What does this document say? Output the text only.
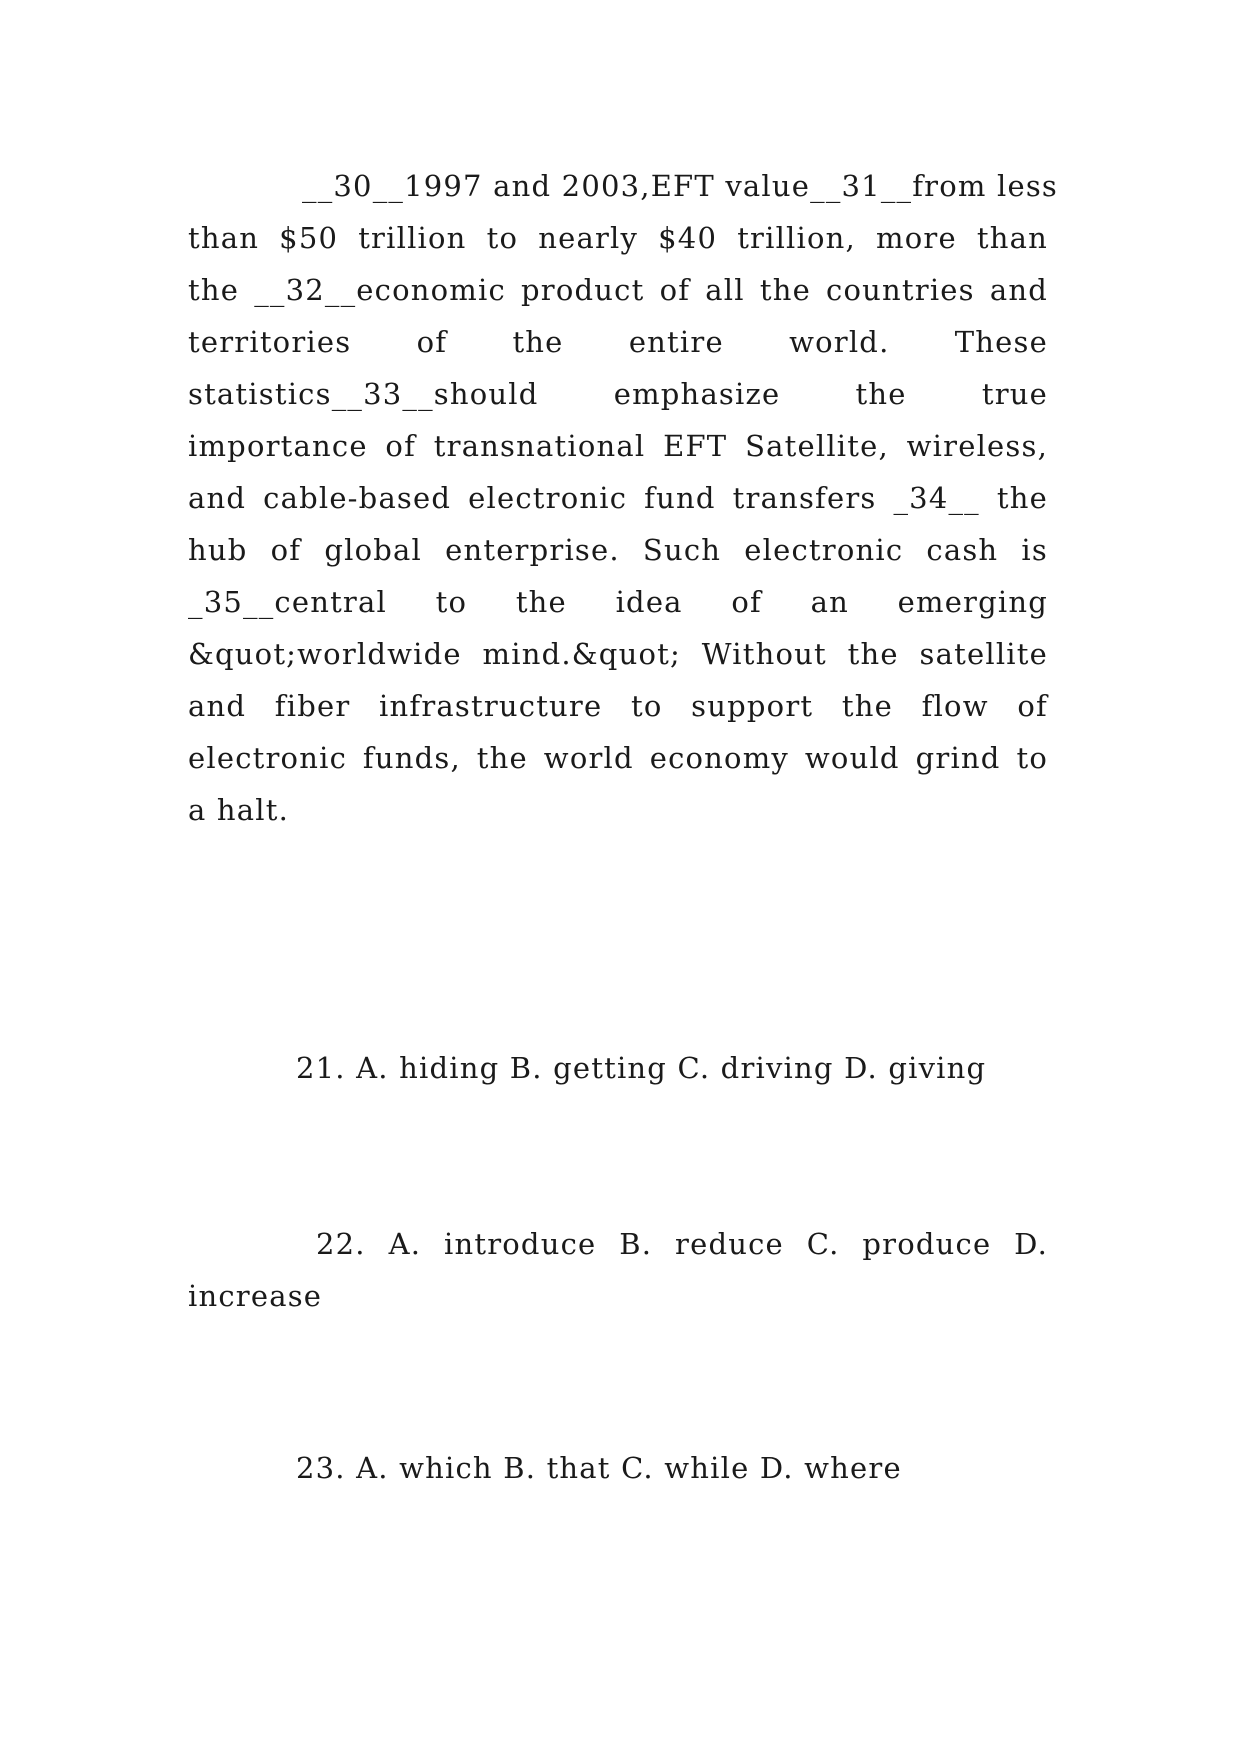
__30__1997 and 2003,EFT value__31__from less

than $50 trillion to nearly $40 trillion, more than

the __32__economic product of all the countries and

territories of the entire world. These

statistics__33__should emphasize the true

importance of transnational EFT Satellite, wireless,

and cable-based electronic fund transfers _34__ the

hub of global enterprise. Such electronic cash is

_35__central to the idea of an emerging

&quot;worldwide mind.&quot; Without the satellite

and fiber infrastructure to support the flow of

electronic funds, the world economy would grind to

a halt.

21. A. hiding B. getting C. driving D. giving

22. A. introduce B. reduce C. produce D.

increase

23. A. which B. that C. while D. where
